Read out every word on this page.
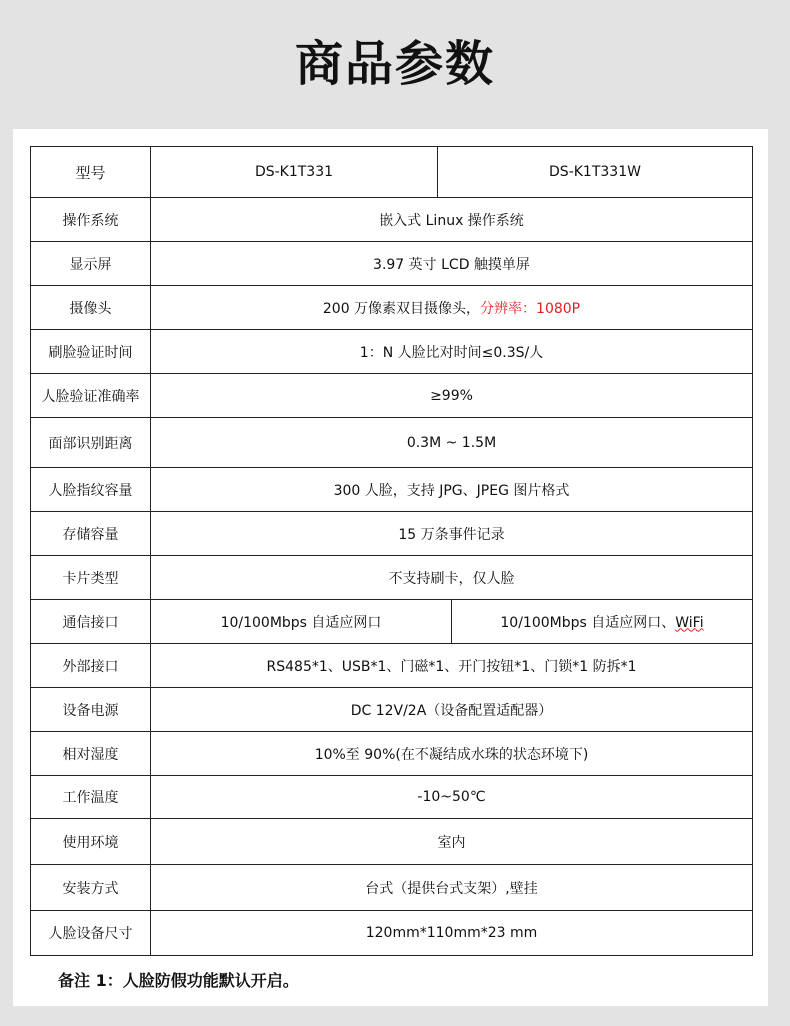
商品参数
型号	DS-K1T331	DS-K1T331W	
操作系统	嵌入式 Linux 操作系统		
显示屏	3.97 英寸 LCD 触摸单屏		
摄像头	200 万像素双目摄像头，分辨率：1080P		
刷脸验证时间	1：N 人脸比对时间≤0.3S/人		
人脸验证准确率	≥99%		
面部识别距离	0.3M ~ 1.5M		
人脸指纹容量	300 人脸，支持 JPG、JPEG 图片格式		
存储容量	15 万条事件记录		
卡片类型	不支持刷卡，仅人脸		
通信接口	10/100Mbps 自适应网口		10/100Mbps 自适应网口、WiFi
外部接口	RS485*1、USB*1、门磁*1、开门按钮*1、门锁*1 防拆*1		
设备电源	DC 12V/2A（设备配置适配器）		
相对湿度	10%至 90%(在不凝结成水珠的状态环境下)		
工作温度	-10~50℃		
使用环境	室内		
安装方式	台式（提供台式支架）,壁挂		
人脸设备尺寸	120mm*110mm*23 mm		
备注 1：人脸防假功能默认开启。
